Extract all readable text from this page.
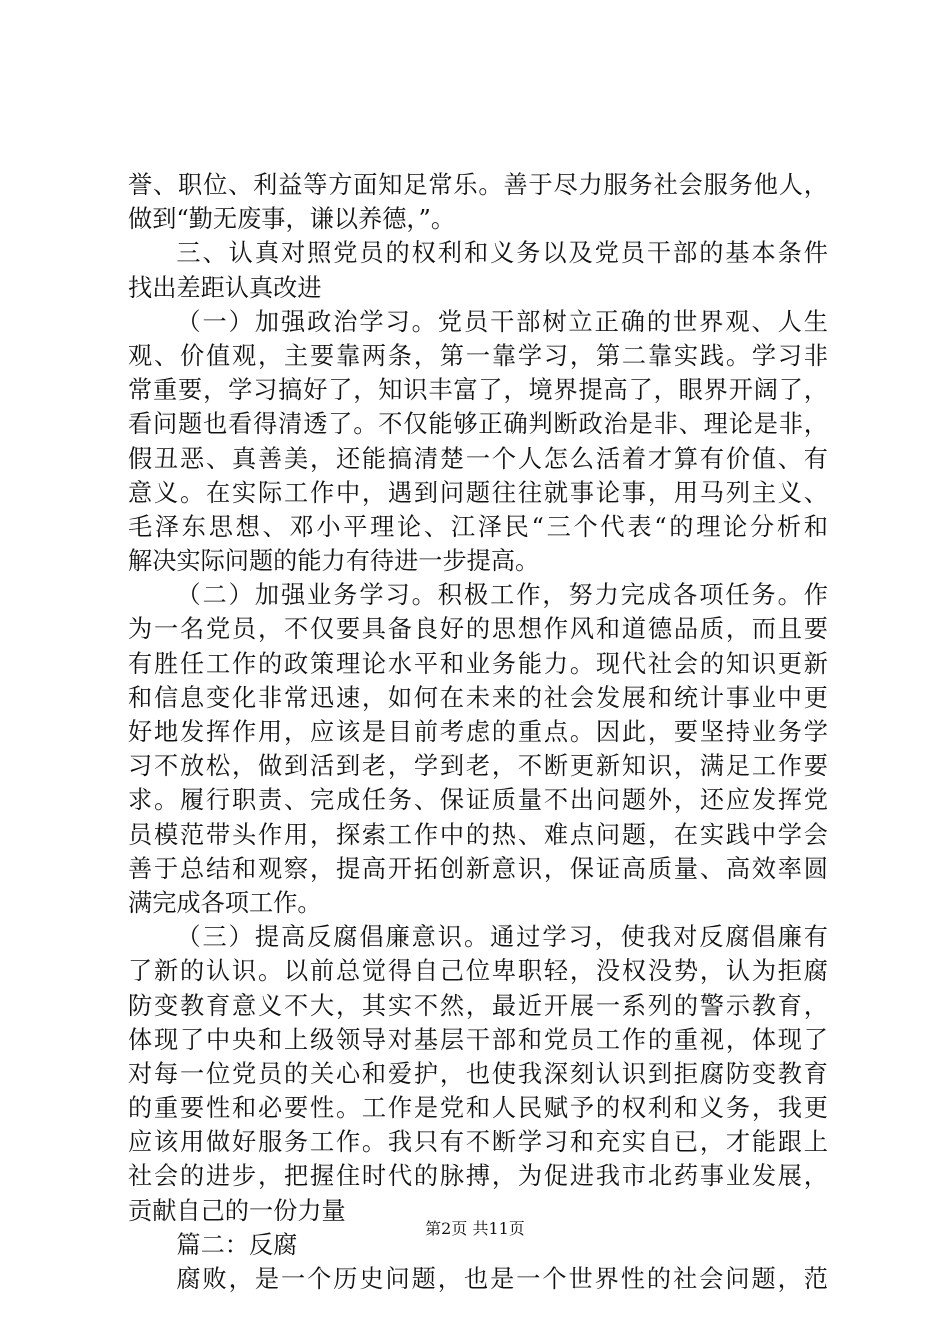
誉、职位、利益等方面知足常乐。善于尽力服务社会服务他人，
做到“勤无废事，谦以养德，”。
三、认真对照党员的权利和义务以及党员干部的基本条件
找出差距认真改进
（一）加强政治学习。党员干部树立正确的世界观、人生
观、价值观，主要靠两条，第一靠学习，第二靠实践。学习非
常重要，学习搞好了，知识丰富了，境界提高了，眼界开阔了，
看问题也看得清透了。不仅能够正确判断政治是非、理论是非，
假丑恶、真善美，还能搞清楚一个人怎么活着才算有价值、有
意义。在实际工作中，遇到问题往往就事论事，用马列主义、
毛泽东思想、邓小平理论、江泽民“三个代表“的理论分析和
解决实际问题的能力有待进一步提高。
（二）加强业务学习。积极工作，努力完成各项任务。作
为一名党员，不仅要具备良好的思想作风和道德品质，而且要
有胜任工作的政策理论水平和业务能力。现代社会的知识更新
和信息变化非常迅速，如何在未来的社会发展和统计事业中更
好地发挥作用，应该是目前考虑的重点。因此，要坚持业务学
习不放松，做到活到老，学到老，不断更新知识，满足工作要
求。履行职责、完成任务、保证质量不出问题外，还应发挥党
员模范带头作用，探索工作中的热、难点问题，在实践中学会
善于总结和观察，提高开拓创新意识，保证高质量、高效率圆
满完成各项工作。
（三）提高反腐倡廉意识。通过学习，使我对反腐倡廉有
了新的认识。以前总觉得自己位卑职轻，没权没势，认为拒腐
防变教育意义不大，其实不然，最近开展一系列的警示教育，
体现了中央和上级领导对基层干部和党员工作的重视，体现了
对每一位党员的关心和爱护，也使我深刻认识到拒腐防变教育
的重要性和必要性。工作是党和人民赋予的权利和义务，我更
应该用做好服务工作。我只有不断学习和充实自已，才能跟上
社会的进步，把握住时代的脉搏，为促进我市北药事业发展，
贡献自己的一份力量
篇二：反腐
腐败，是一个历史问题，也是一个世界性的社会问题，范
第2页 共11页
